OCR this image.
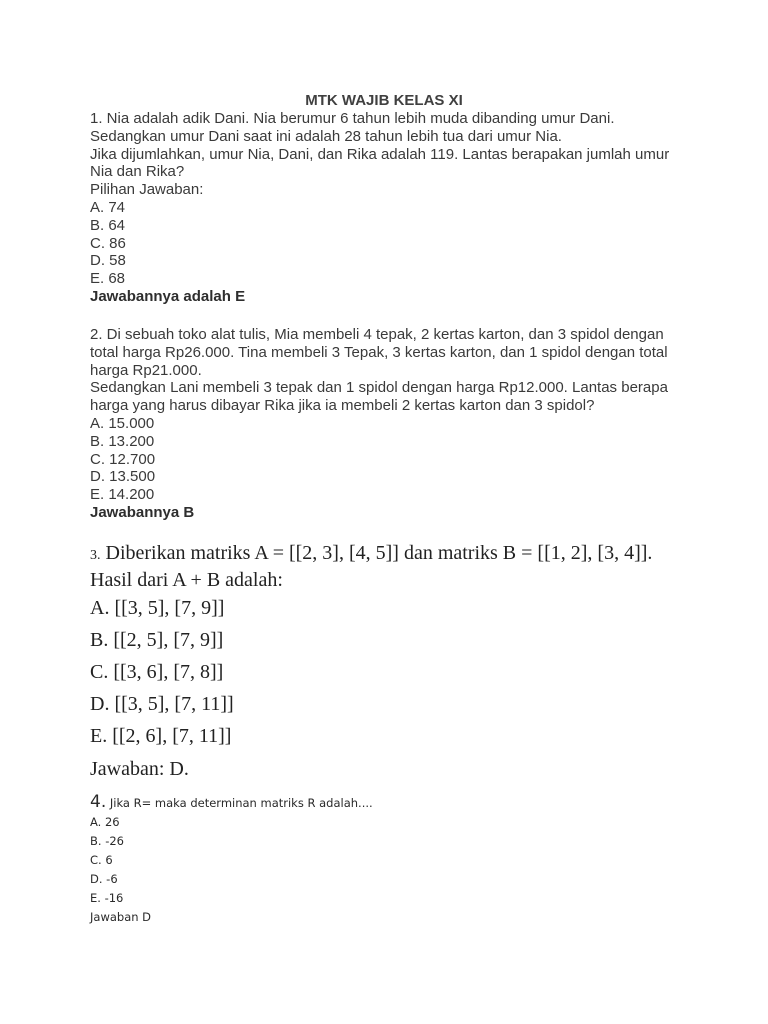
MTK WAJIB KELAS XI
1. Nia adalah adik Dani. Nia berumur 6 tahun lebih muda dibanding umur Dani.
Sedangkan umur Dani saat ini adalah 28 tahun lebih tua dari umur Nia.
Jika dijumlahkan, umur Nia, Dani, dan Rika adalah 119. Lantas berapakan jumlah umur
Nia dan Rika?
Pilihan Jawaban:
A. 74
B. 64
C. 86
D. 58
E. 68
Jawabannya adalah E
2. Di sebuah toko alat tulis, Mia membeli 4 tepak, 2 kertas karton, dan 3 spidol dengan
total harga Rp26.000. Tina membeli 3 Tepak, 3 kertas karton, dan 1 spidol dengan total
harga Rp21.000.
Sedangkan Lani membeli 3 tepak dan 1 spidol dengan harga Rp12.000. Lantas berapa
harga yang harus dibayar Rika jika ia membeli 2 kertas karton dan 3 spidol?
A. 15.000
B. 13.200
C. 12.700
D. 13.500
E. 14.200
Jawabannya B
3. Diberikan matriks A = [[2, 3], [4, 5]] dan matriks B = [[1, 2], [3, 4]].
Hasil dari A + B adalah:
A. [[3, 5], [7, 9]]
B. [[2, 5], [7, 9]]
C. [[3, 6], [7, 8]]
D. [[3, 5], [7, 11]]
E. [[2, 6], [7, 11]]
Jawaban: D.
4. Jika R= maka determinan matriks R adalah....
A. 26
B. -26
C. 6
D. -6
E. -16
Jawaban D
